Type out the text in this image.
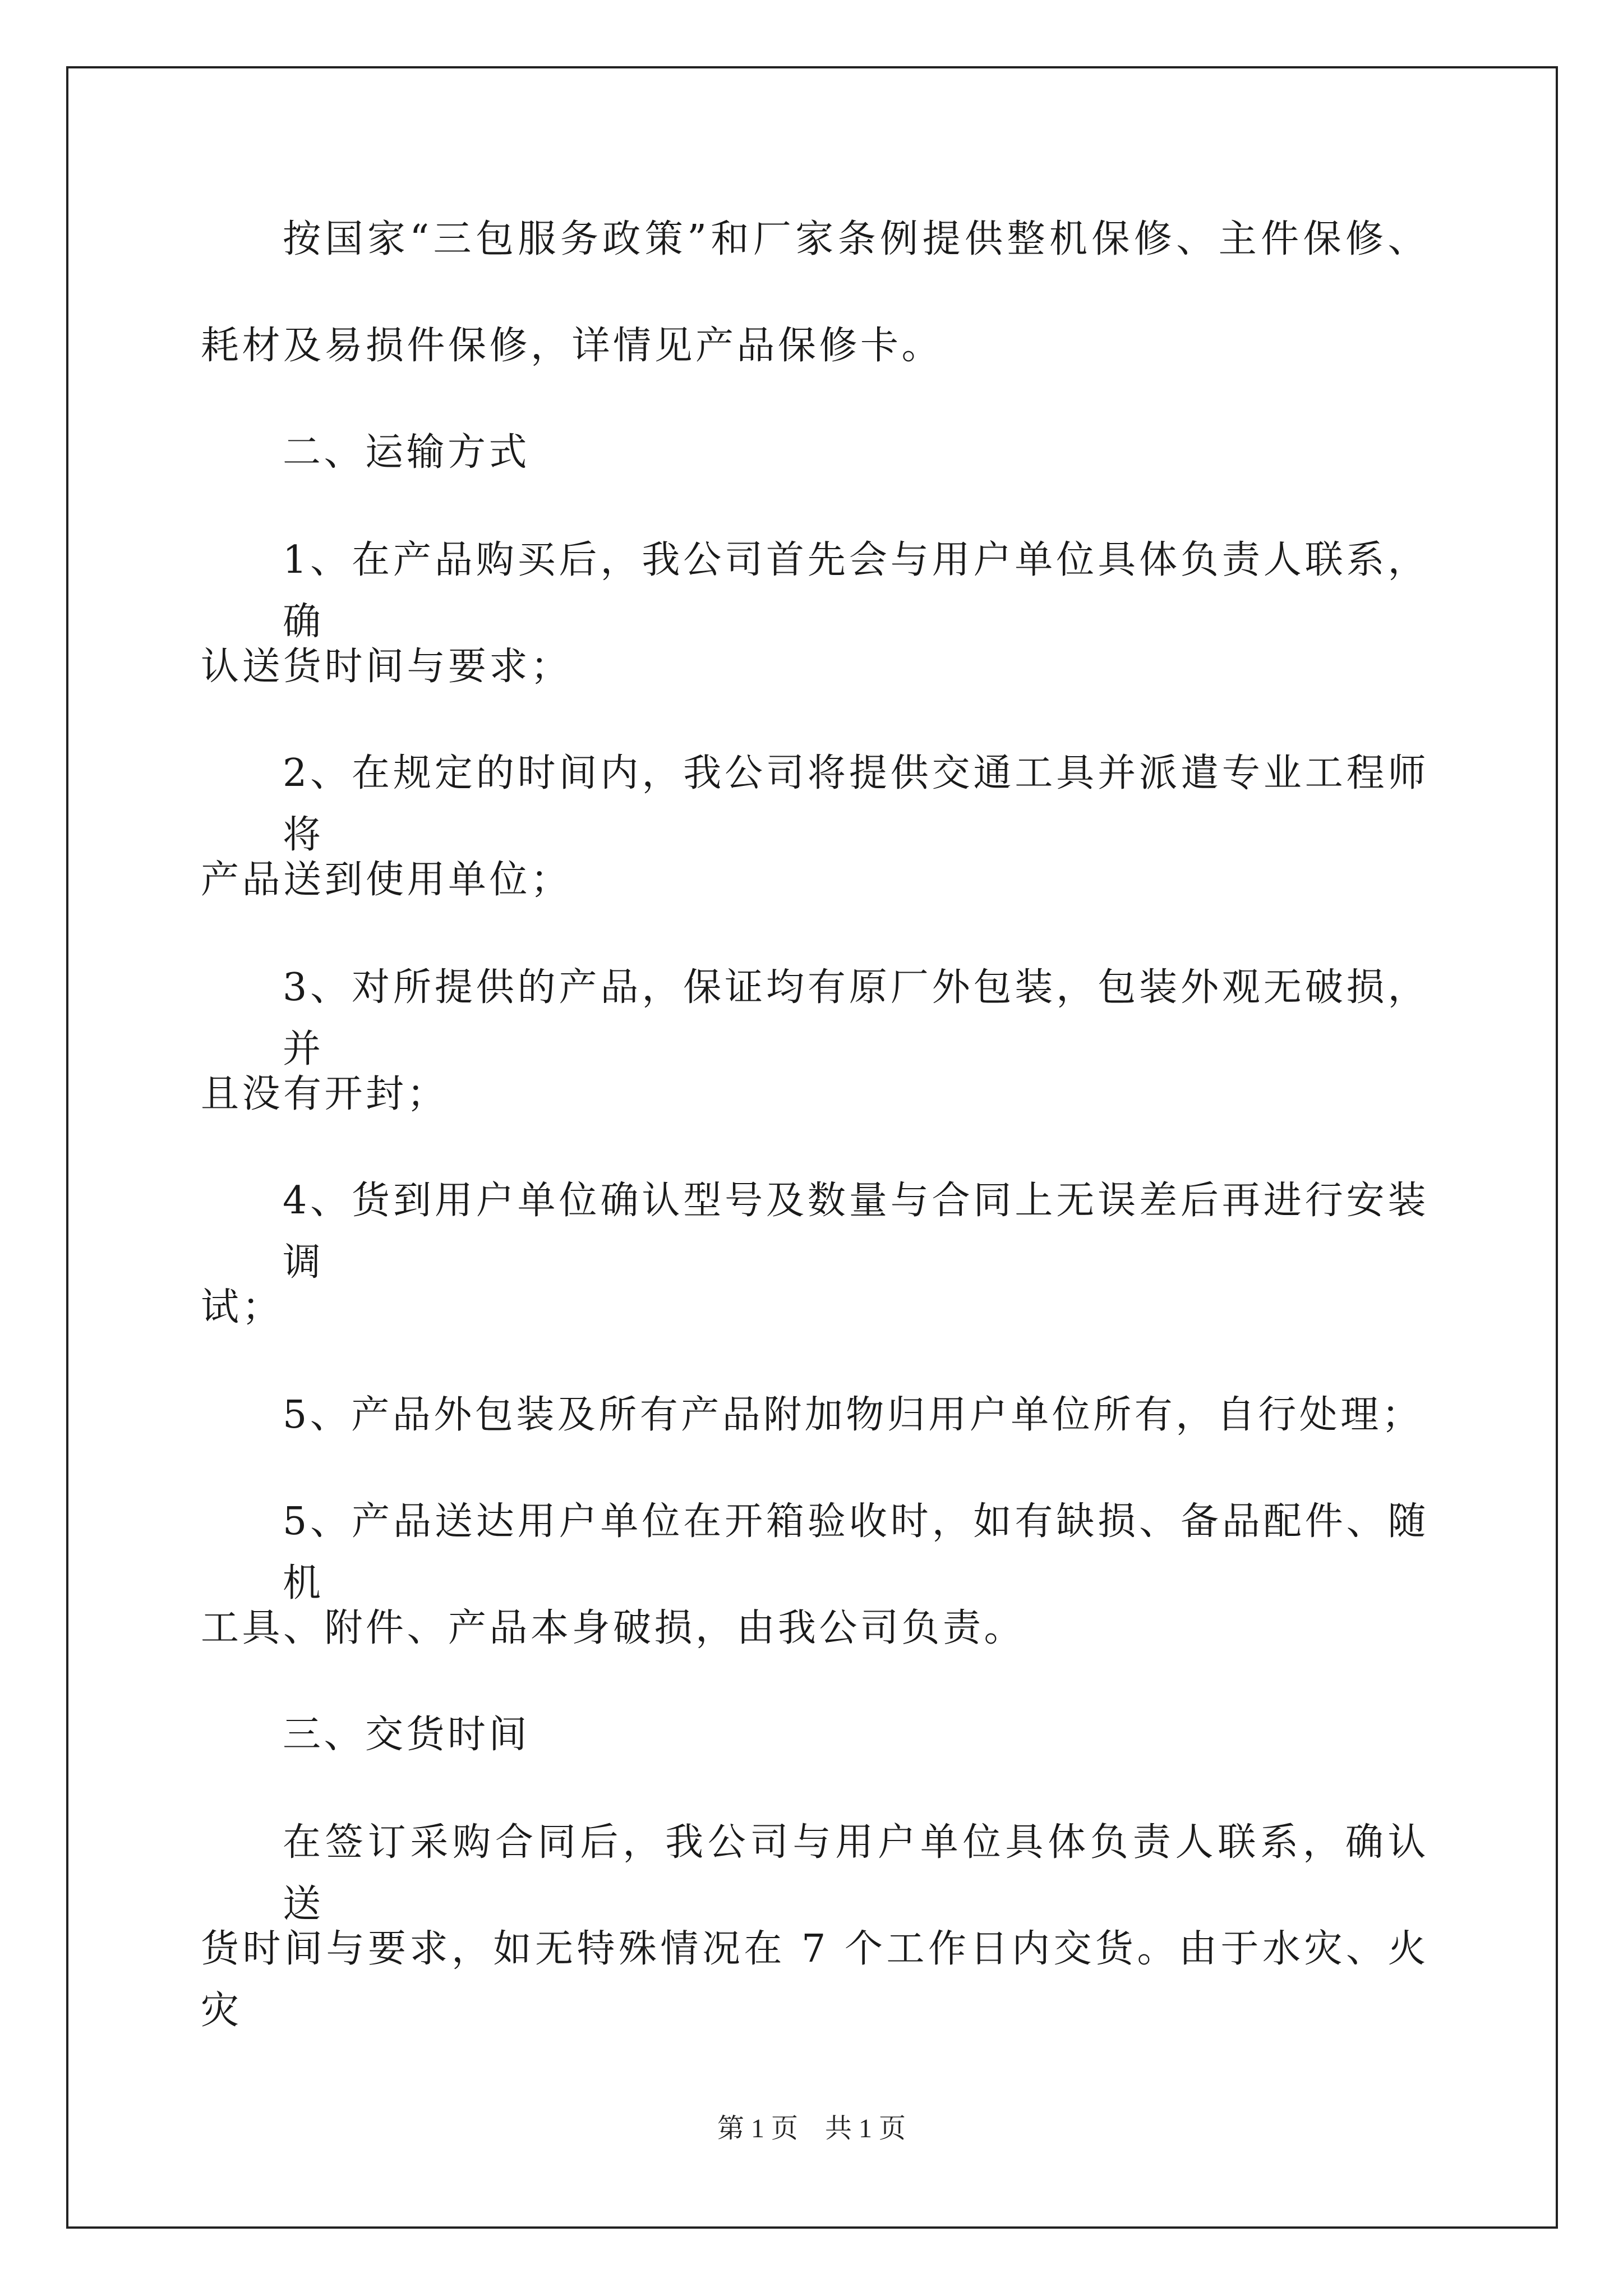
按国家“三包服务政策”和厂家条例提供整机保修、主件保修、
耗材及易损件保修，详情见产品保修卡。
二、运输方式
1、在产品购买后，我公司首先会与用户单位具体负责人联系，确
认送货时间与要求；
2、在规定的时间内，我公司将提供交通工具并派遣专业工程师将
产品送到使用单位；
3、对所提供的产品，保证均有原厂外包装，包装外观无破损，并
且没有开封；
4、货到用户单位确认型号及数量与合同上无误差后再进行安装调
试；
5、产品外包装及所有产品附加物归用户单位所有，自行处理；
5、产品送达用户单位在开箱验收时，如有缺损、备品配件、随机
工具、附件、产品本身破损，由我公司负责。
三、交货时间
在签订采购合同后，我公司与用户单位具体负责人联系，确认送
货时间与要求，如无特殊情况在 7 个工作日内交货。由于水灾、火灾
第 1 页　共 1 页
